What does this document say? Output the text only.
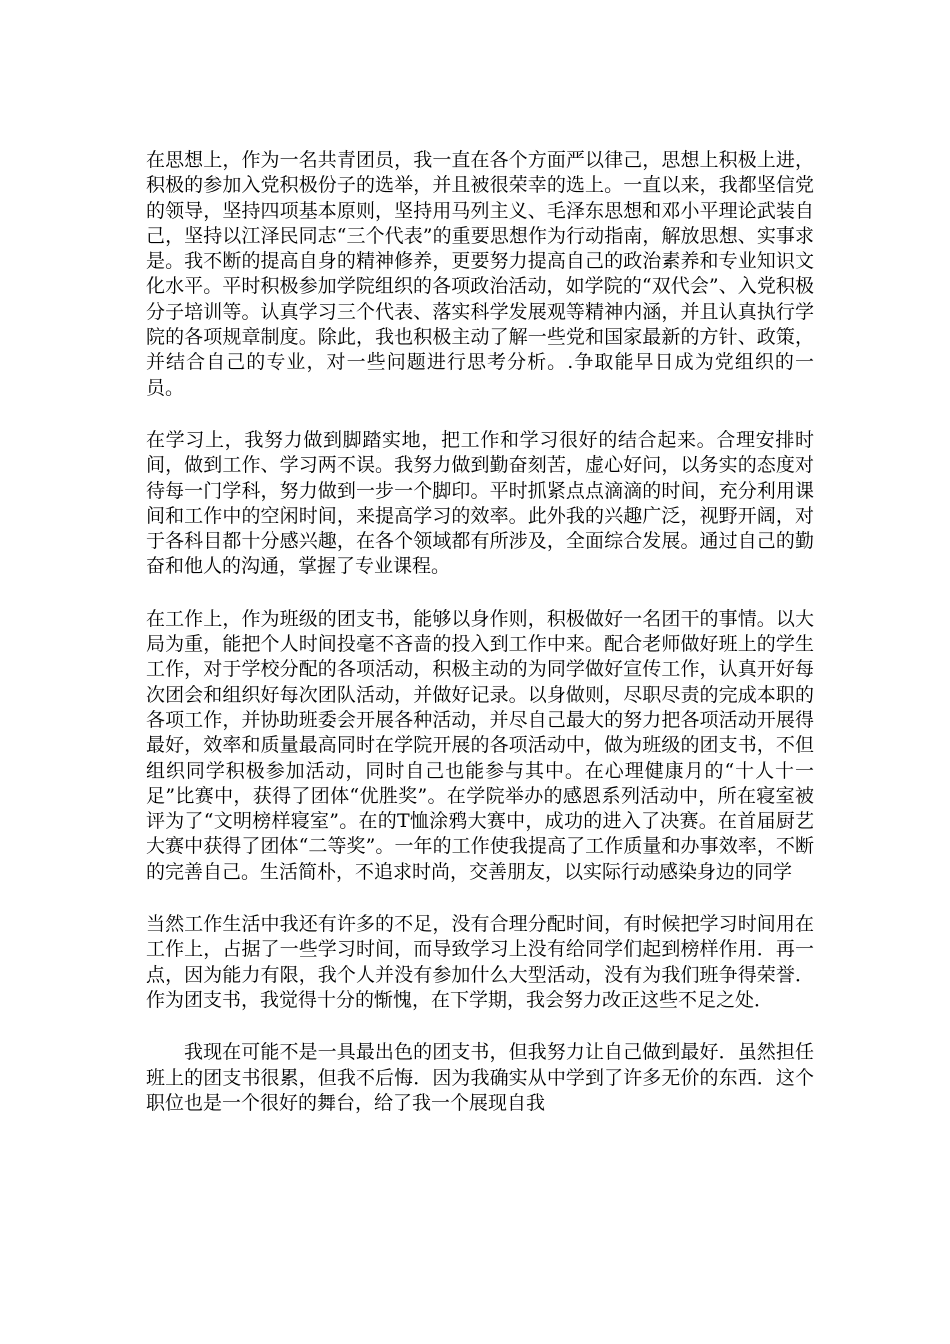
在思想上，作为一名共青团员，我一直在各个方面严以律己，思想上积极上进，积极的参加入党积极份子的选举，并且被很荣幸的选上。一直以来，我都坚信党的领导，坚持四项基本原则，坚持用马列主义、毛泽东思想和邓小平理论武装自己，坚持以江泽民同志“三个代表”的重要思想作为行动指南，解放思想、实事求是。我不断的提高自身的精神修养，更要努力提高自己的政治素养和专业知识文化水平。平时积极参加学院组织的各项政治活动，如学院的“双代会”、入党积极分子培训等。认真学习三个代表、落实科学发展观等精神内涵，并且认真执行学院的各项规章制度。除此，我也积极主动了解一些党和国家最新的方针、政策，并结合自己的专业，对一些问题进行思考分析。.争取能早日成为党组织的一员。

在学习上，我努力做到脚踏实地，把工作和学习很好的结合起来。合理安排时间，做到工作、学习两不误。我努力做到勤奋刻苦，虚心好问，以务实的态度对待每一门学科，努力做到一步一个脚印。平时抓紧点点滴滴的时间，充分利用课间和工作中的空闲时间，来提高学习的效率。此外我的兴趣广泛，视野开阔，对于各科目都十分感兴趣，在各个领域都有所涉及，全面综合发展。通过自己的勤奋和他人的沟通，掌握了专业课程。

在工作上，作为班级的团支书，能够以身作则，积极做好一名团干的事情。以大局为重，能把个人时间投毫不吝啬的投入到工作中来。配合老师做好班上的学生工作，对于学校分配的各项活动，积极主动的为同学做好宣传工作，认真开好每次团会和组织好每次团队活动，并做好记录。以身做则，尽职尽责的完成本职的各项工作，并协助班委会开展各种活动，并尽自己最大的努力把各项活动开展得最好，效率和质量最高同时在学院开展的各项活动中，做为班级的团支书，不但组织同学积极参加活动，同时自己也能参与其中。在心理健康月的“十人十一足”比赛中，获得了团体“优胜奖”。在学院举办的感恩系列活动中，所在寝室被评为了“文明榜样寝室”。在的T恤涂鸦大赛中，成功的进入了决赛。在首届厨艺大赛中获得了团体“二等奖”。一年的工作使我提高了工作质量和办事效率，不断的完善自己。生活简朴，不追求时尚，交善朋友，以实际行动感染身边的同学

当然工作生活中我还有许多的不足，没有合理分配时间，有时候把学习时间用在工作上，占据了一些学习时间，而导致学习上没有给同学们起到榜样作用．再一点，因为能力有限，我个人并没有参加什么大型活动，没有为我们班争得荣誉．作为团支书，我觉得十分的惭愧，在下学期，我会努力改正这些不足之处．

我现在可能不是一具最出色的团支书，但我努力让自己做到最好．虽然担任班上的团支书很累，但我不后悔．因为我确实从中学到了许多无价的东西．这个职位也是一个很好的舞台，给了我一个展现自我
